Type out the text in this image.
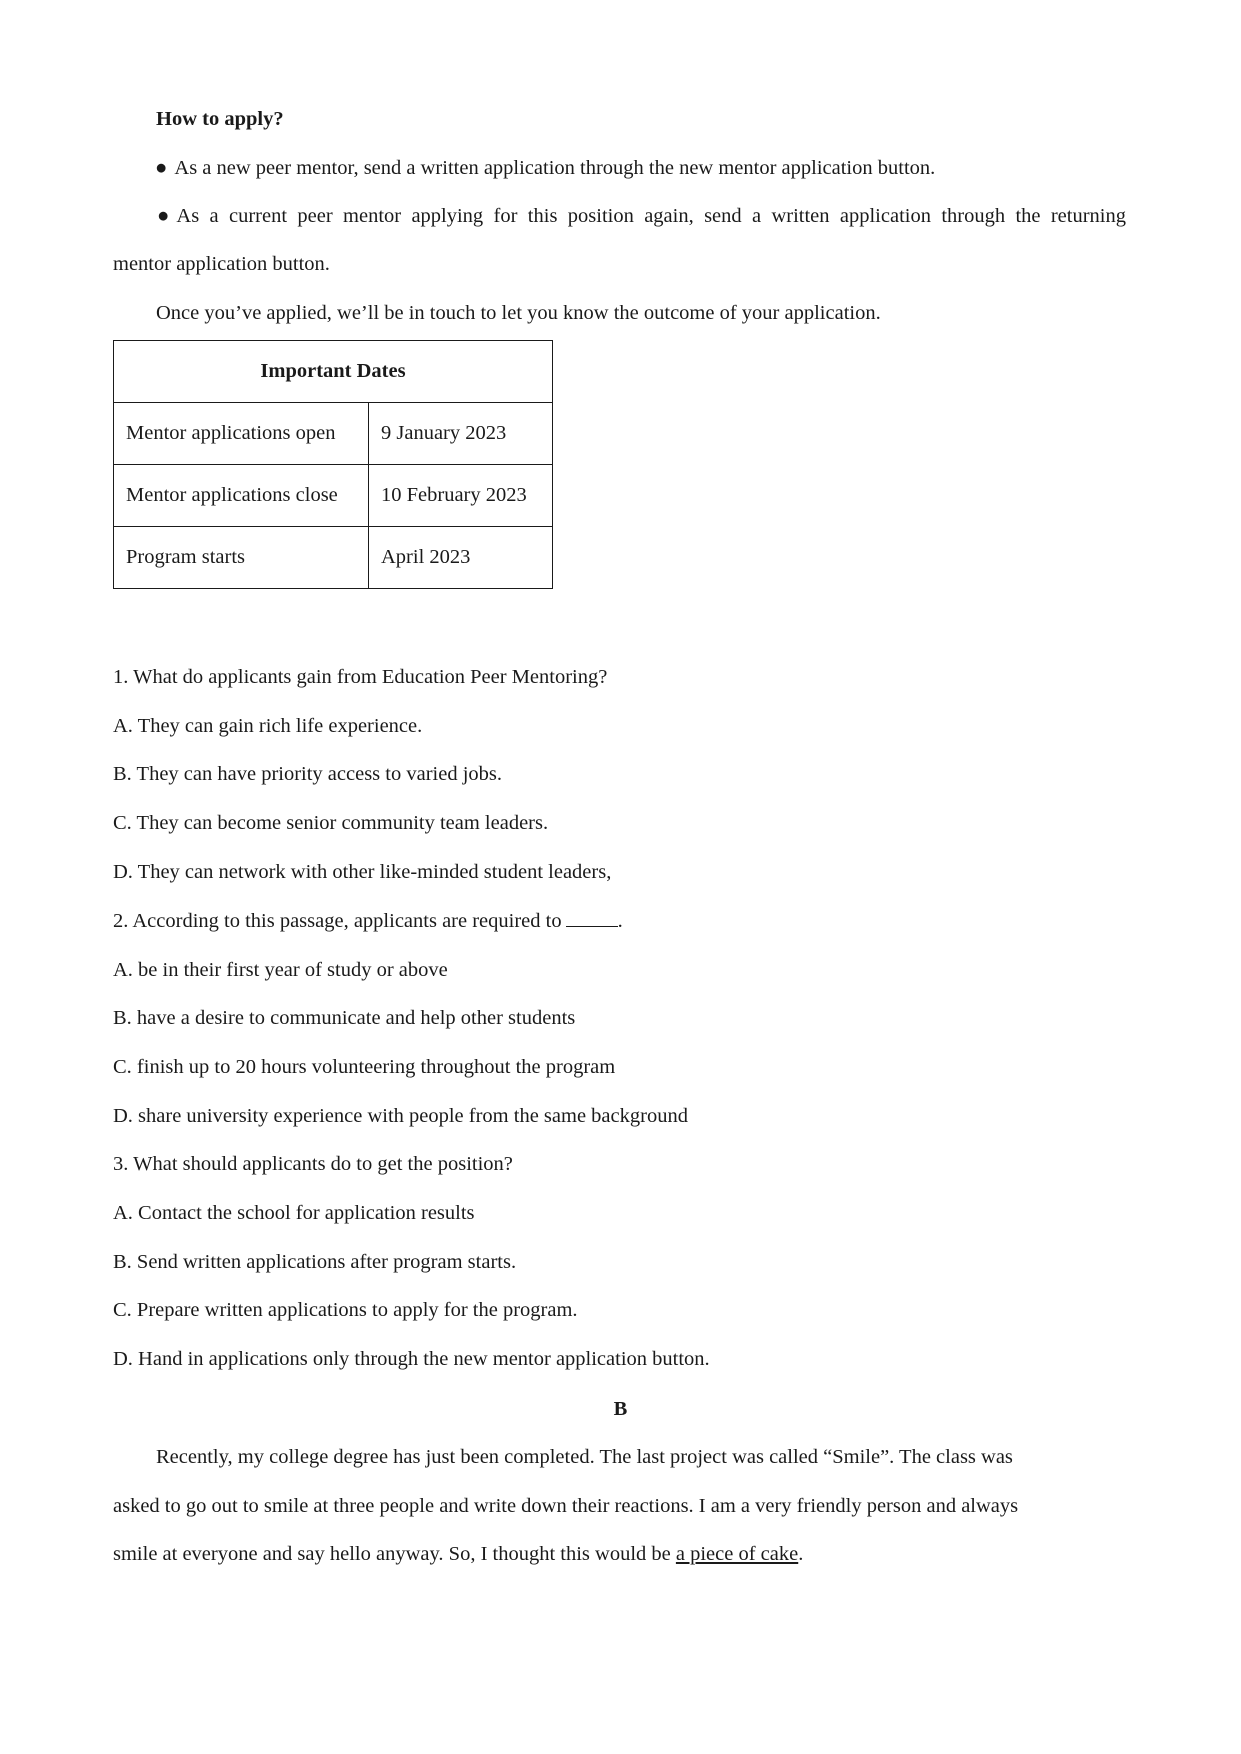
How to apply?
● As a new peer mentor, send a written application through the new mentor application button.
● As a current peer mentor applying for this position again, send a written application through the returning
mentor application button.
Once you’ve applied, we’ll be in touch to let you know the outcome of your application.
Important Dates	
Mentor applications open	9 January 2023
Mentor applications close	10 February 2023
Program starts	April 2023
1. What do applicants gain from Education Peer Mentoring?
A. They can gain rich life experience.
B. They can have priority access to varied jobs.
C. They can become senior community team leaders.
D. They can network with other like-minded student leaders,
2. According to this passage, applicants are required to	.
A. be in their first year of study or above
B. have a desire to communicate and help other students
C. finish up to 20 hours volunteering throughout the program
D. share university experience with people from the same background
3. What should applicants do to get the position?
A. Contact the school for application results
B. Send written applications after program starts.
C. Prepare written applications to apply for the program.
D. Hand in applications only through the new mentor application button.
B
Recently, my college degree has just been completed. The last project was called “Smile”. The class was
asked to go out to smile at three people and write down their reactions. I am a very friendly person and always
smile at everyone and say hello anyway. So, I thought this would be a piece of cake.
